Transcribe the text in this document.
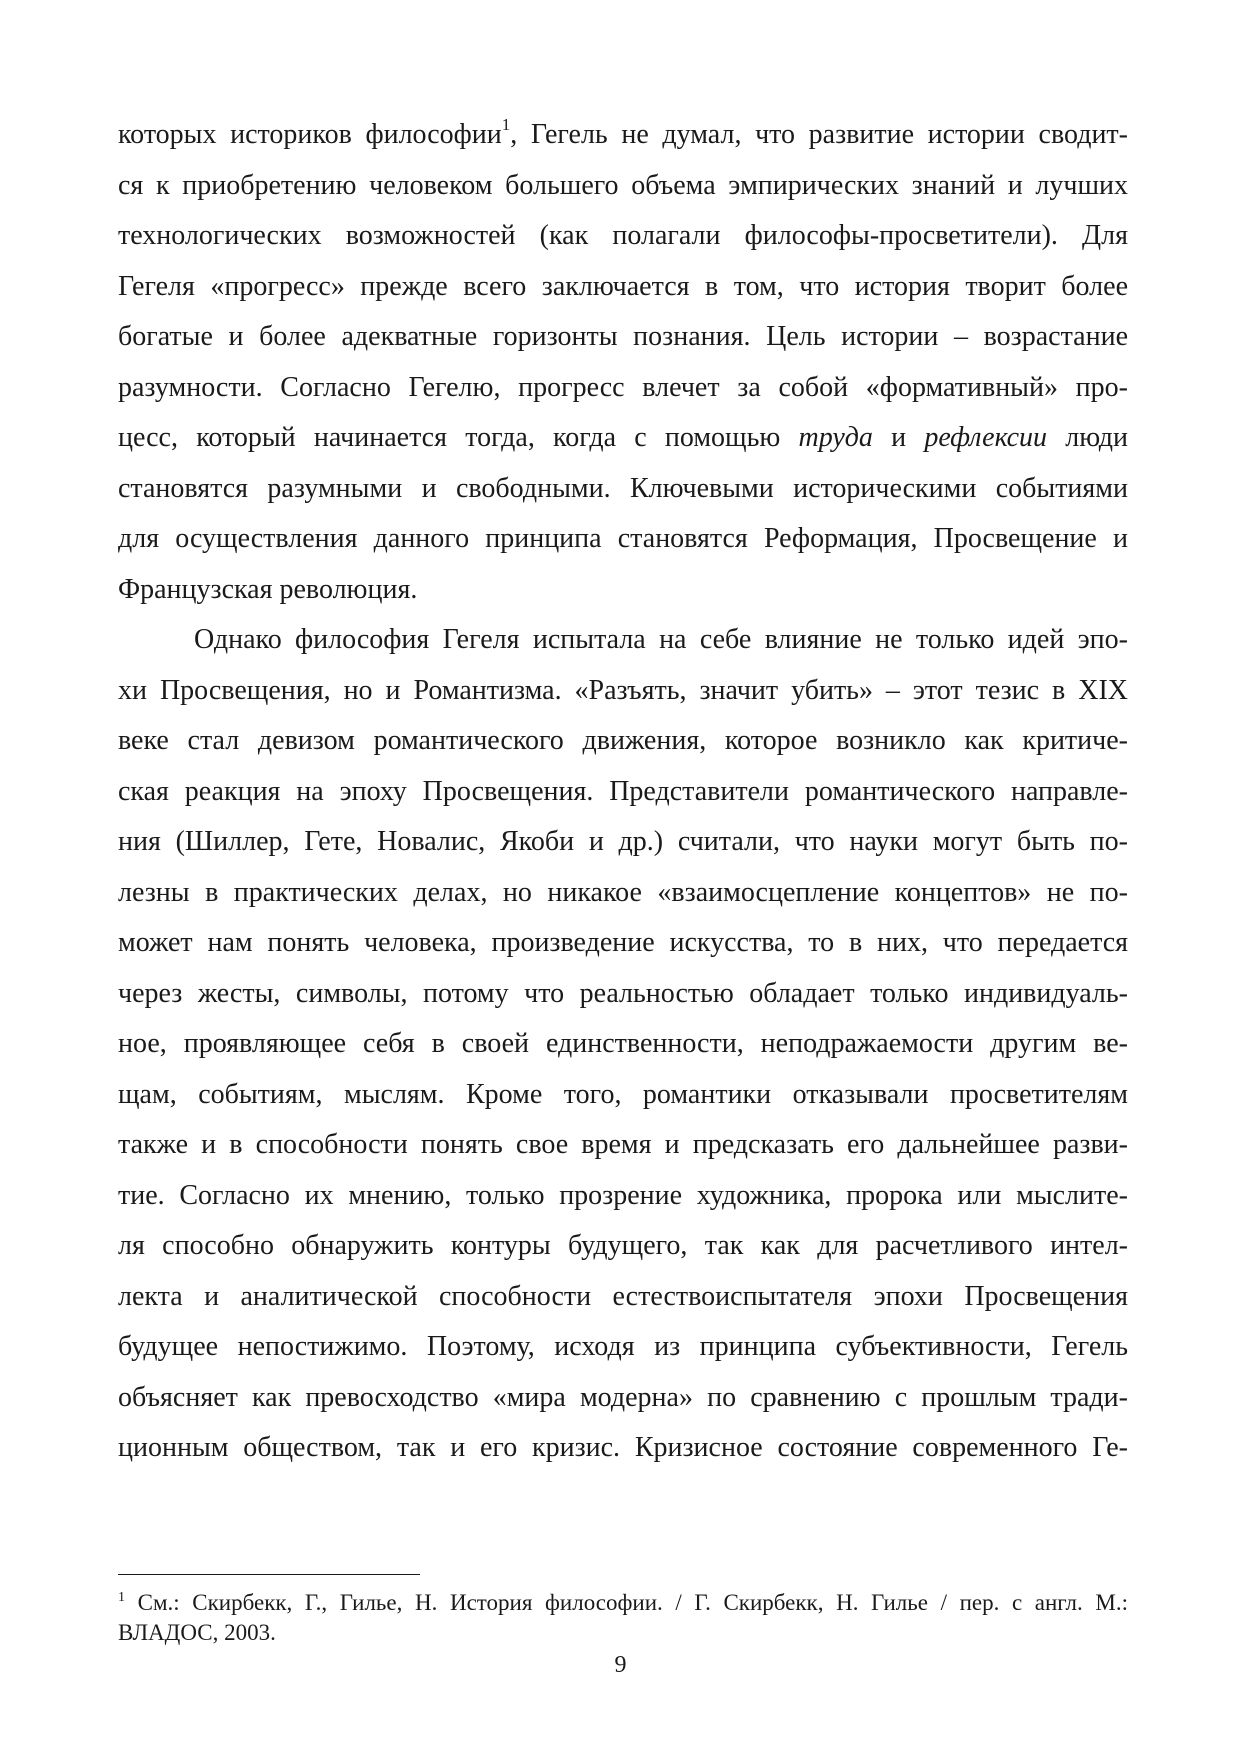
которых историков философии$^1$, Гегель не думал, что развитие истории сводит-
ся к приобретению человеком большего объема эмпирических знаний и лучших
технологических возможностей (как полагали философы-просветители). Для
Гегеля «прогресс» прежде всего заключается в том, что история творит более
богатые и более адекватные горизонты познания. Цель истории – возрастание
разумности. Согласно Гегелю, прогресс влечет за собой «формативный» про-
цесс, который начинается тогда, когда с помощью труда и рефлексии люди
становятся разумными и свободными. Ключевыми историческими событиями
для осуществления данного принципа становятся Реформация, Просвещение и
Французская революция.
Однако философия Гегеля испытала на себе влияние не только идей эпо-
хи Просвещения, но и Романтизма. «Разъять, значит убить» – этот тезис в XIX
веке стал девизом романтического движения, которое возникло как критиче-
ская реакция на эпоху Просвещения. Представители романтического направле-
ния (Шиллер, Гете, Новалис, Якоби и др.) считали, что науки могут быть по-
лезны в практических делах, но никакое «взаимосцепление концептов» не по-
может нам понять человека, произведение искусства, то в них, что передается
через жесты, символы, потому что реальностью обладает только индивидуаль-
ное, проявляющее себя в своей единственности, неподражаемости другим ве-
щам, событиям, мыслям. Кроме того, романтики отказывали просветителям
также и в способности понять свое время и предсказать его дальнейшее разви-
тие. Согласно их мнению, только прозрение художника, пророка или мыслите-
ля способно обнаружить контуры будущего, так как для расчетливого интел-
лекта и аналитической способности естествоиспытателя эпохи Просвещения
будущее непостижимо. Поэтому, исходя из принципа субъективности, Гегель
объясняет как превосходство «мира модерна» по сравнению с прошлым тради-
ционным обществом, так и его кризис. Кризисное состояние современного Ге-
$^1$ См.: Скирбекк, Г., Гилье, Н. История философии. / Г. Скирбекк, Н. Гилье / пер. с англ. М.:
ВЛАДОС, 2003.
9
